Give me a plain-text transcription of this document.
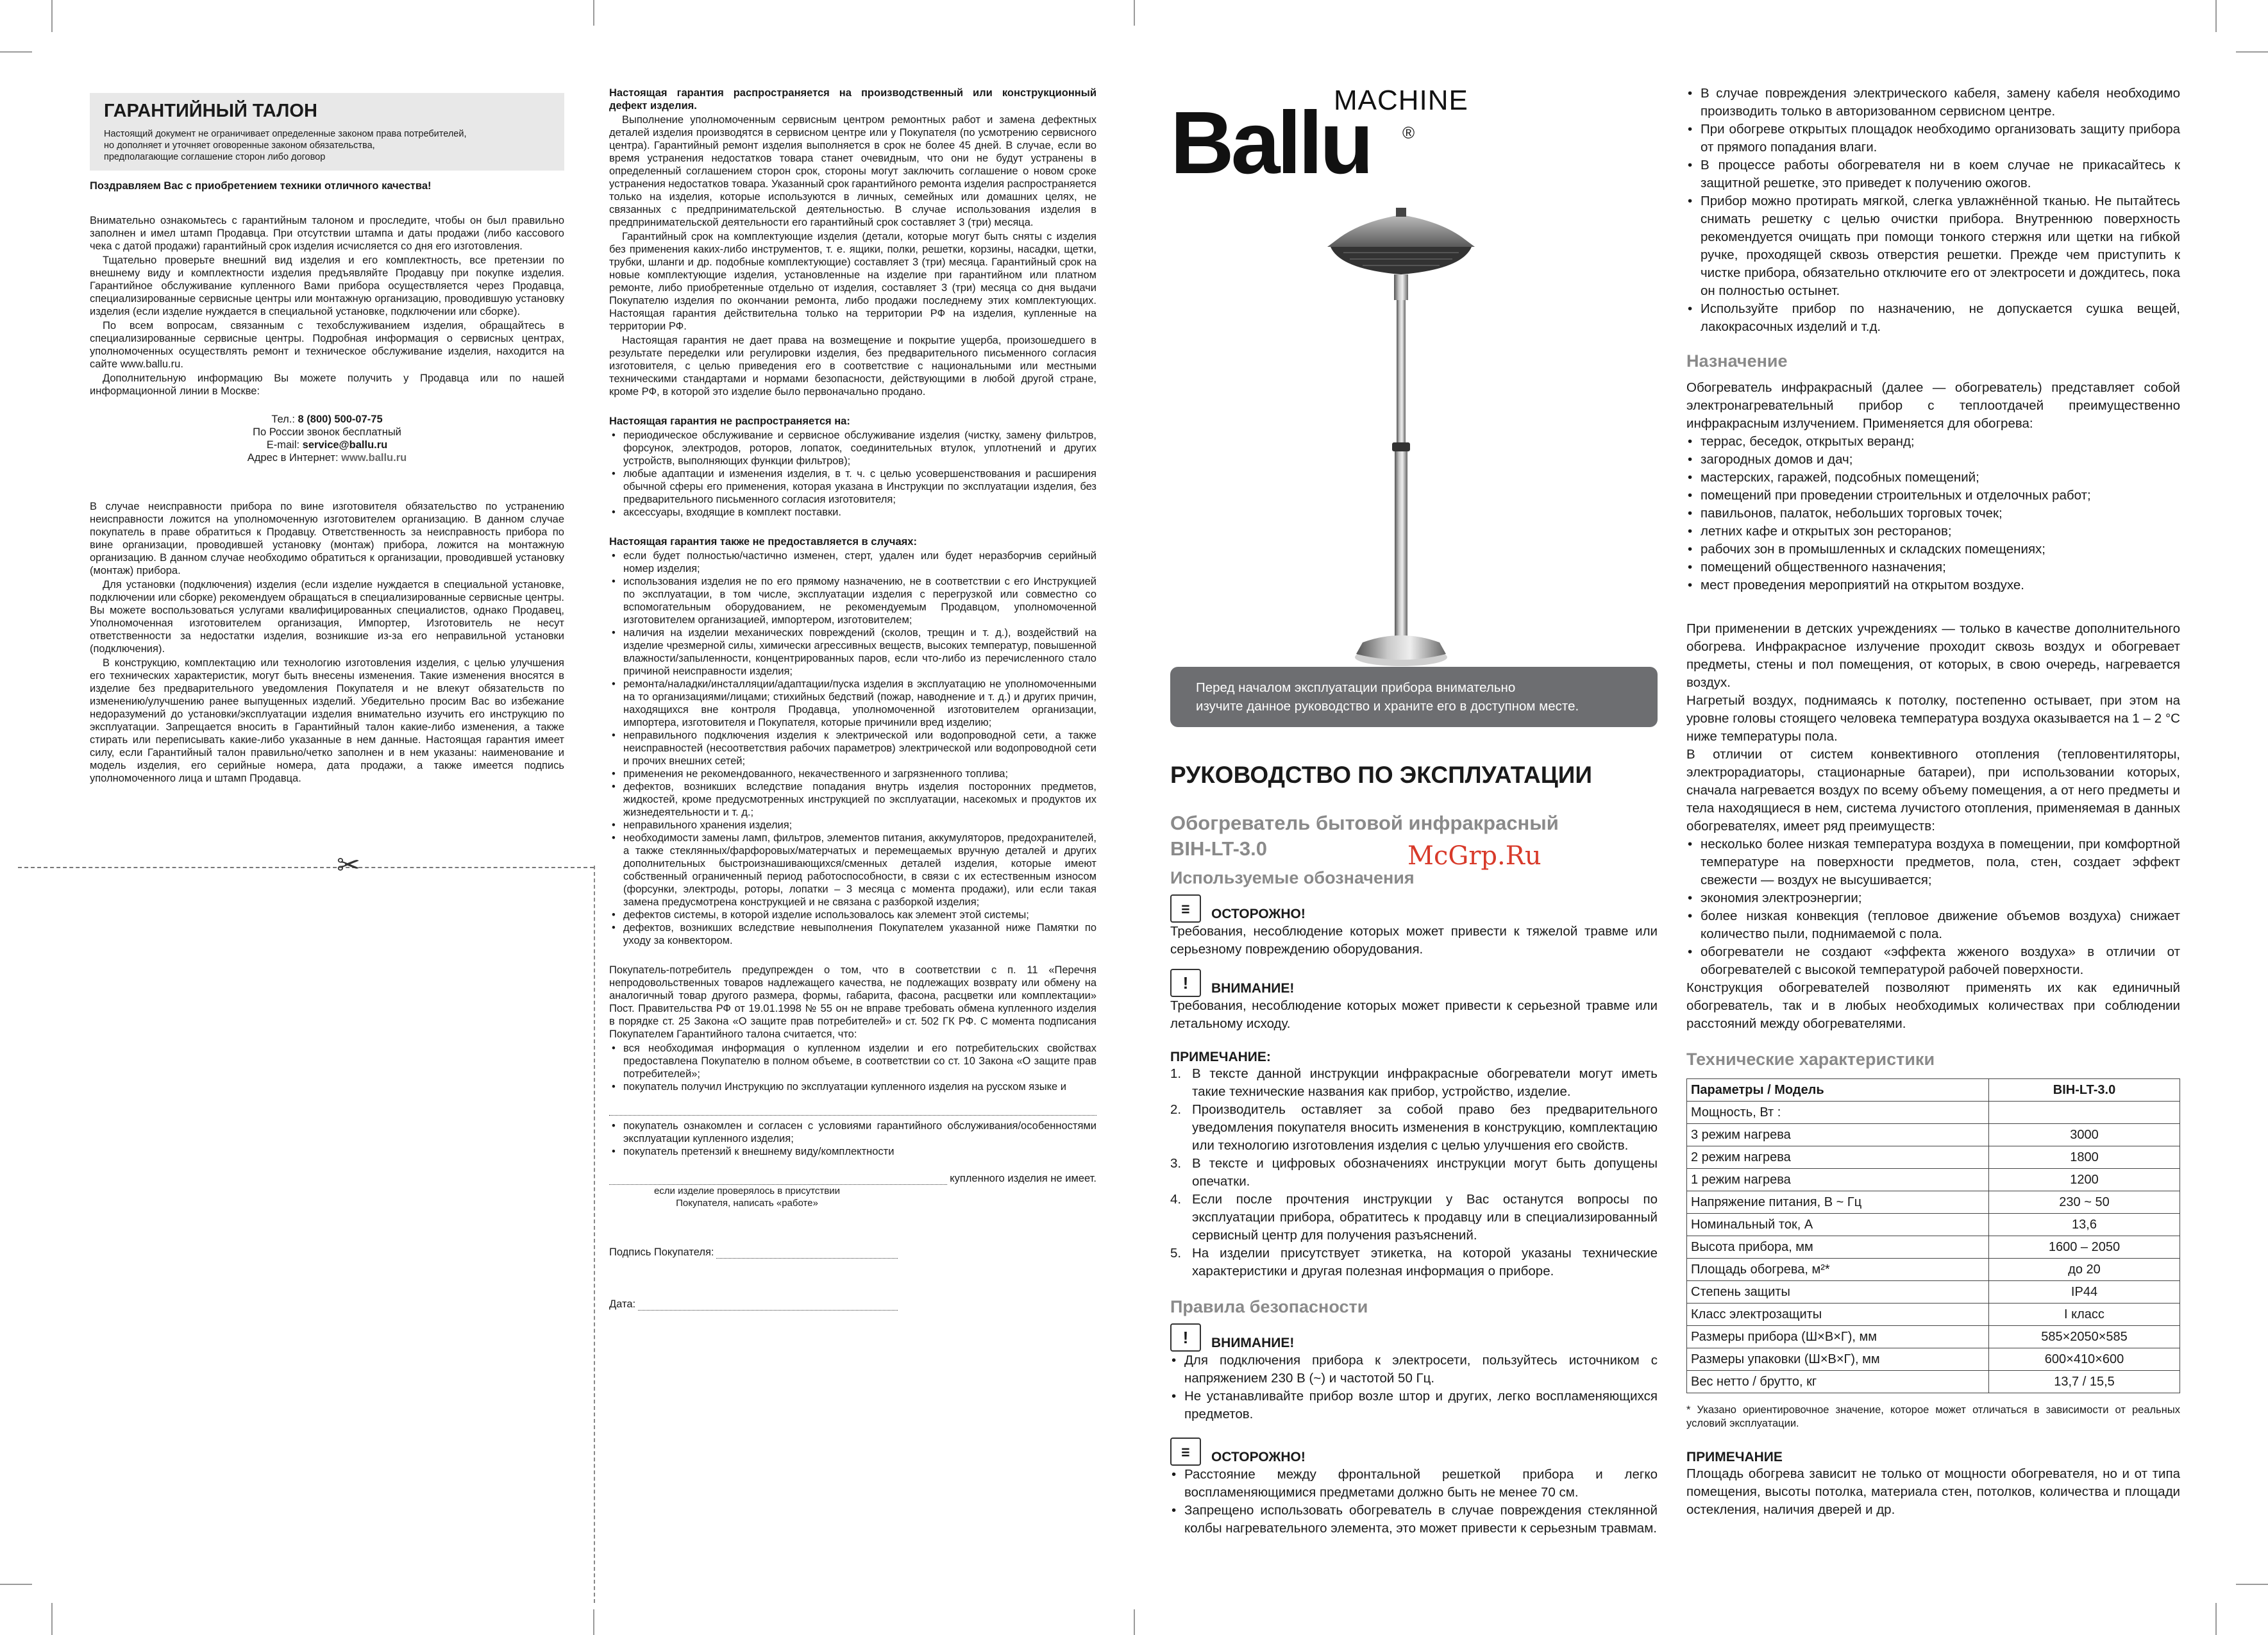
ГАРАНТИЙНЫЙ ТАЛОН
Настоящий документ не ограничивает определенные законом права потребителей,
но дополняет и уточняет оговоренные законом обязательства,
предполагающие соглашение сторон либо договор

Поздравляем Вас с приобретением техники отличного качества!

Внимательно ознакомьтесь с гарантийным талоном и проследите, чтобы он был правильно заполнен и имел штамп Продавца. При отсутствии штампа и даты продажи (либо кассового чека с датой продажи) гарантийный срок изделия исчисляется со дня его изготовления.

Тщательно проверьте внешний вид изделия и его комплектность, все претензии по внешнему виду и комплектности изделия предъявляйте Продавцу при покупке изделия. Гарантийное обслуживание купленного Вами прибора осуществляется через Продавца, специализированные сервисные центры или монтажную организацию, проводившую установку изделия (если изделие нуждается в специальной установке, подключении или сборке).

По всем вопросам, связанным с техобслуживанием изделия, обращайтесь в специализированные сервисные центры. Подробная информация о сервисных центрах, уполномоченных осуществлять ремонт и техническое обслуживание изделия, находится на сайте www.ballu.ru.

Дополнительную информацию Вы можете получить у Продавца или по нашей информационной линии в Москве:

Тел.: 8 (800) 500-07-75
По России звонок бесплатный
E-mail: service@ballu.ru
Адрес в Интернет: www.ballu.ru

В случае неисправности прибора по вине изготовителя обязательство по устранению неисправности ложится на уполномоченную изготовителем организацию. В данном случае покупатель в праве обратиться к Продавцу. Ответственность за неисправность прибора по вине организации, проводившей установку (монтаж) прибора, ложится на монтажную организацию. В данном случае необходимо обратиться к организации, проводившей установку (монтаж) прибора.

Для установки (подключения) изделия (если изделие нуждается в специальной установке, подключении или сборке) рекомендуем обращаться в специализированные сервисные центры. Вы можете воспользоваться услугами квалифицированных специалистов, однако Продавец, Уполномоченная изготовителем организация, Импортер, Изготовитель не несут ответственности за недостатки изделия, возникшие из-за его неправильной установки (подключения).

В конструкцию, комплектацию или технологию изготовления изделия, с целью улучшения его технических характеристик, могут быть внесены изменения. Такие изменения вносятся в изделие без предварительного уведомления Покупателя и не влекут обязательств по изменению/улучшению ранее выпущенных изделий. Убедительно просим Вас во избежание недоразумений до установки/эксплуатации изделия внимательно изучить его инструкцию по эксплуатации. Запрещается вносить в Гарантийный талон какие-либо изменения, а также стирать или переписывать какие-либо указанные в нем данные. Настоящая гарантия имеет силу, если Гарантийный талон правильно/четко заполнен и в нем указаны: наименование и модель изделия, его серийные номера, дата продажи, а также имеется подпись уполномоченного лица и штамп Продавца.

✂

Настоящая гарантия распространяется на производственный или конструкционный дефект изделия.

Выполнение уполномоченным сервисным центром ремонтных работ и замена дефектных деталей изделия производятся в сервисном центре или у Покупателя (по усмотрению сервисного центра). Гарантийный ремонт изделия выполняется в срок не более 45 дней. В случае, если во время устранения недостатков товара станет очевидным, что они не будут устранены в определенный соглашением сторон срок, стороны могут заключить соглашение о новом сроке устранения недостатков товара. Указанный срок гарантийного ремонта изделия распространяется только на изделия, которые используются в личных, семейных или домашних целях, не связанных с предпринимательской деятельностью. В случае использования изделия в предпринимательской деятельности его гарантийный срок составляет 3 (три) месяца.

Гарантийный срок на комплектующие изделия (детали, которые могут быть сняты с изделия без применения каких-либо инструментов, т. е. ящики, полки, решетки, корзины, насадки, щетки, трубки, шланги и др. подобные комплектующие) составляет 3 (три) месяца. Гарантийный срок на новые комплектующие изделия, установленные на изделие при гарантийном или платном ремонте, либо приобретенные отдельно от изделия, составляет 3 (три) месяца со дня выдачи Покупателю изделия по окончании ремонта, либо продажи последнему этих комплектующих. Настоящая гарантия действительна только на территории РФ на изделия, купленные на территории РФ.

Настоящая гарантия не дает права на возмещение и покрытие ущерба, произошедшего в результате переделки или регулировки изделия, без предварительного письменного согласия изготовителя, с целью приведения его в соответствие с национальными или местными техническими стандартами и нормами безопасности, действующими в любой другой стране, кроме РФ, в которой это изделие было первоначально продано.

Настоящая гарантия не распространяется на:

• периодическое обслуживание и сервисное обслуживание изделия (чистку, замену фильтров, форсунок, электродов, роторов, лопаток, соединительных втулок, уплотнений и других устройств, выполняющих функции фильтров);
• любые адаптации и изменения изделия, в т. ч. с целью усовершенствования и расширения обычной сферы его применения, которая указана в Инструкции по эксплуатации изделия, без предварительного письменного согласия изготовителя;
• аксессуары, входящие в комплект поставки.

Настоящая гарантия также не предоставляется в случаях:

• если будет полностью/частично изменен, стерт, удален или будет неразборчив серийный номер изделия;
• использования изделия не по его прямому назначению, не в соответствии с его Инструкцией по эксплуатации, в том числе, эксплуатации изделия с перегрузкой или совместно со вспомогательным оборудованием, не рекомендуемым Продавцом, уполномоченной изготовителем организацией, импортером, изготовителем;
• наличия на изделии механических повреждений (сколов, трещин и т. д.), воздействий на изделие чрезмерной силы, химически агрессивных веществ, высоких температур, повышенной влажности/запыленности, концентрированных паров, если что-либо из перечисленного стало причиной неисправности изделия;
• ремонта/наладки/инсталляции/адаптации/пуска изделия в эксплуатацию не уполномоченными на то организациями/лицами; стихийных бедствий (пожар, наводнение и т. д.) и других причин, находящихся вне контроля Продавца, уполномоченной изготовителем организации, импортера, изготовителя и Покупателя, которые причинили вред изделию;
• неправильного подключения изделия к электрической или водопроводной сети, а также неисправностей (несоответствия рабочих параметров) электрической или водопроводной сети и прочих внешних сетей;
• применения не рекомендованного, некачественного и загрязненного топлива;
• дефектов, возникших вследствие попадания внутрь изделия посторонних предметов, жидкостей, кроме предусмотренных инструкцией по эксплуатации, насекомых и продуктов их жизнедеятельности и т. д.;
• неправильного хранения изделия;
• необходимости замены ламп, фильтров, элементов питания, аккумуляторов, предохранителей, а также стеклянных/фарфоровых/матерчатых и перемещаемых вручную деталей и других дополнительных быстроизнашивающихся/сменных деталей изделия, которые имеют собственный ограниченный период работоспособности, в связи с их естественным износом (форсунки, электроды, роторы, лопатки – 3 месяца с момента продажи), или если такая замена предусмотрена конструкцией и не связана с разборкой изделия;
• дефектов системы, в которой изделие использовалось как элемент этой системы;
• дефектов, возникших вследствие невыполнения Покупателем указанной ниже Памятки по уходу за конвектором.

Покупатель-потребитель предупрежден о том, что в соответствии с п. 11 «Перечня непродовольственных товаров надлежащего качества, не подлежащих возврату или обмену на аналогичный товар другого размера, формы, габарита, фасона, расцветки или комплектации» Пост. Правительства РФ от 19.01.1998 № 55 он не вправе требовать обмена купленного изделия в порядке ст. 25 Закона «О защите прав потребителей» и ст. 502 ГК РФ. С момента подписания Покупателем Гарантийного талона считается, что:

• вся необходимая информация о купленном изделии и его потребительских свойствах предоставлена Покупателю в полном объеме, в соответствии со ст. 10 Закона «О защите прав потребителей»;
• покупатель получил Инструкцию по эксплуатации купленного изделия на русском языке и
• покупатель ознакомлен и согласен с условиями гарантийного обслуживания/особенностями эксплуатации купленного изделия;
• покупатель претензий к внешнему виду/комплектности
купленного изделия не имеет.
если изделие проверялось в присутствии
Покупателя, написать «работе»
Подпись Покупателя:
Дата:
MACHINE
Ballu ®
Перед началом эксплуатации прибора внимательно
изучите данное руководство и храните его в доступном месте.
РУКОВОДСТВО ПО ЭКСПЛУАТАЦИИ
Обогреватель бытовой инфракрасный
BIH-LT-3.0	McGrp.Ru
Используемые обозначения
ⲷ	ОСТОРОЖНО!

Требования, несоблюдение которых может привести к тяжелой травме или серьезному повреждению оборудования.

!	ВНИМАНИЕ!

Требования, несоблюдение которых может привести к серьезной травме или летальному исходу.

ПРИМЕЧАНИЕ:
1. В тексте данной инструкции инфракрасные обогреватели могут иметь такие технические названия как прибор, устройство, изделие.
2. Производитель оставляет за собой право без предварительного уведомления покупателя вносить изменения в конструкцию, комплектацию или технологию изготовления изделия с целью улучшения его свойств.
3. В тексте и цифровых обозначениях инструкции могут быть допущены опечатки.
4. Если после прочтения инструкции у Вас останутся вопросы по эксплуатации прибора, обратитесь к продавцу или в специализированный сервисный центр для получения разъяснений.
5. На изделии присутствует этикетка, на которой указаны технические характеристики и другая полезная информация о приборе.
Правила безопасности
!	ВНИМАНИЕ!
• Для подключения прибора к электросети, пользуйтесь источником с напряжением 230 В (~) и частотой 50 Гц.
• Не устанавливайте прибор возле штор и других, легко воспламеняющихся предметов.
ⲷ	ОСТОРОЖНО!
• Расстояние между фронтальной решеткой прибора и легко воспламеняющимися предметами должно быть не менее 70 см.
• Запрещено использовать обогреватель в случае повреждения стеклянной колбы нагревательного элемента, это может привести к серьезным травмам.
• В случае повреждения электрического кабеля, замену кабеля необходимо производить только в авторизованном сервисном центре.
• При обогреве открытых площадок необходимо организовать защиту прибора от прямого попадания влаги.
• В процессе работы обогревателя ни в коем случае не прикасайтесь к защитной решетке, это приведет к получению ожогов.
• Прибор можно протирать мягкой, слегка увлажнённой тканью. Не пытайтесь снимать решетку с целью очистки прибора. Внутреннюю поверхность рекомендуется очищать при помощи тонкого стержня или щетки на гибкой ручке, проходящей сквозь отверстия решетки. Прежде чем приступить к чистке прибора, обязательно отключите его от электросети и дождитесь, пока он полностью остынет.
• Используйте прибор по назначению, не допускается сушка вещей, лакокрасочных изделий и т.д.
Назначение

Обогреватель инфракрасный (далее — обогреватель) представляет собой электронагревательный прибор с теплоотдачей преимущественно инфракрасным излучением. Применяется для обогрева:

• террас, беседок, открытых веранд;
• загородных домов и дач;
• мастерских, гаражей, подсобных помещений;
• помещений при проведении строительных и отделочных работ;
• павильонов, палаток, небольших торговых точек;
• летних кафе и открытых зон ресторанов;
• рабочих зон в промышленных и складских помещениях;
• помещений общественного назначения;
• мест проведения мероприятий на открытом воздухе.

При применении в детских учреждениях — только в качестве дополнительного обогрева. Инфракрасное излучение проходит сквозь воздух и обогревает предметы, стены и пол помещения, от которых, в свою очередь, нагревается воздух.

Нагретый воздух, поднимаясь к потолку, постепенно остывает, при этом на уровне головы стоящего человека температура воздуха оказывается на 1 – 2 °С ниже температуры пола.

В отличии от систем конвективного отопления (тепловентиляторы, электрорадиаторы, стационарные батареи), при использовании которых, сначала нагревается воздух по всему объему помещения, а от него предметы и тела находящиеся в нем, система лучистого отопления, применяемая в данных обогревателях, имеет ряд преимуществ:

• несколько более низкая температура воздуха в помещении, при комфортной температуре на поверхности предметов, пола, стен, создает эффект свежести — воздух не высушивается;
• экономия электроэнергии;
• более низкая конвекция (тепловое движение объемов воздуха) снижает количество пыли, поднимаемой с пола.
• обогреватели не создают «эффекта жженого воздуха» в отличии от обогревателей с высокой температурой рабочей поверхности.

Конструкция обогревателей позволяют применять их как единичный обогреватель, так и в любых необходимых количествах при соблюдении расстояний между обогревателями.

Технические характеристики
Параметры / Модель	BIH-LT-3.0
Мощность, Вт :	
3 режим нагрева	3000
2 режим нагрева	1800
1 режим нагрева	1200
Напряжение питания, В ~ Гц	230 ~ 50
Номинальный ток, А	13,6
Высота прибора, мм	1600 – 2050
Площадь обогрева, м²*	до 20
Степень защиты	IP44
Класс электрозащиты	I класс
Размеры прибора (Ш×В×Г), мм	585×2050×585
Размеры упаковки (Ш×В×Г), мм	600×410×600
Вес нетто / брутто, кг	13,7 / 15,5

* Указано ориентировочное значение, которое может отличаться в зависимости от реальных условий эксплуатации.

ПРИМЕЧАНИЕ

Площадь обогрева зависит не только от мощности обогревателя, но и от типа помещения, высоты потолка, материала стен, потолков, количества и площади остекления, наличия дверей и др.
